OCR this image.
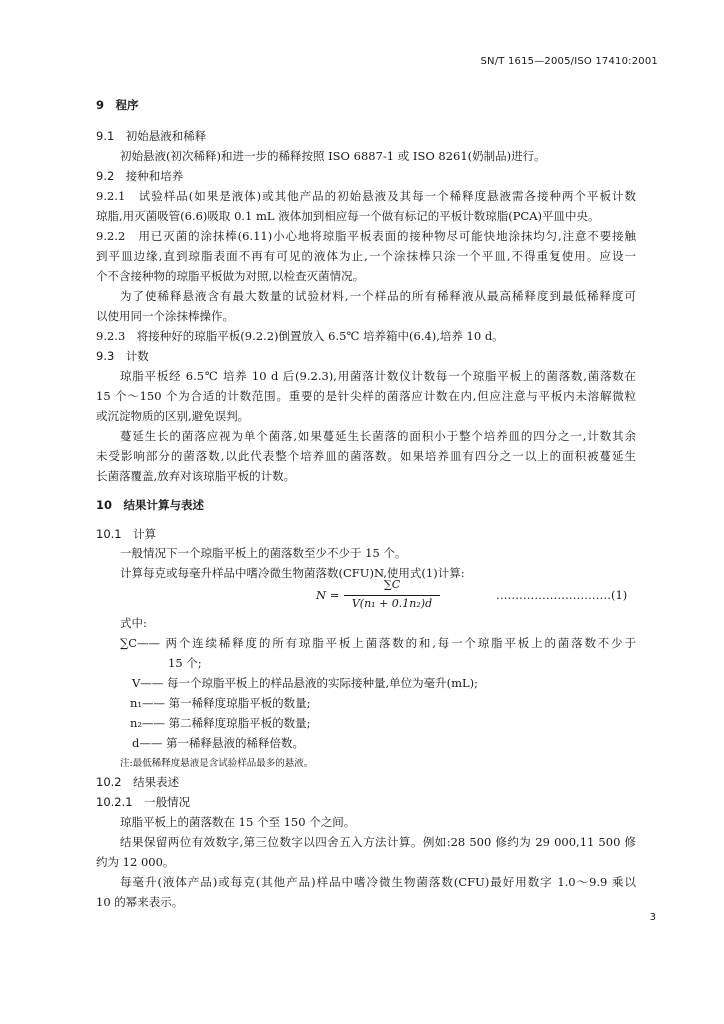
SN/T 1615—2005/ISO 17410:2001
9　程序
9.1　初始悬液和稀释
初始悬液(初次稀释)和进一步的稀释按照 ISO 6887-1 或 ISO 8261(奶制品)进行。
9.2　接种和培养
9.2.1　试验样品(如果是液体)或其他产品的初始悬液及其每一个稀释度悬液需各接种两个平板计数
琼脂,用灭菌吸管(6.6)吸取 0.1 mL 液体加到相应每一个做有标记的平板计数琼脂(PCA)平皿中央。
9.2.2　用已灭菌的涂抹棒(6.11)小心地将琼脂平板表面的接种物尽可能快地涂抹均匀,注意不要接触
到平皿边缘,直到琼脂表面不再有可见的液体为止,一个涂抹棒只涂一个平皿,不得重复使用。应设一
个不含接种物的琼脂平板做为对照,以检查灭菌情况。
为了使稀释悬液含有最大数量的试验材料,一个样品的所有稀释液从最高稀释度到最低稀释度可
以使用同一个涂抹棒操作。
9.2.3　将接种好的琼脂平板(9.2.2)倒置放入 6.5℃ 培养箱中(6.4),培养 10 d。
9.3　计数
琼脂平板经 6.5℃ 培养 10 d 后(9.2.3),用菌落计数仪计数每一个琼脂平板上的菌落数,菌落数在
15 个～150 个为合适的计数范围。重要的是针尖样的菌落应计数在内,但应注意与平板内未溶解微粒
或沉淀物质的区别,避免误判。
蔓延生长的菌落应视为单个菌落,如果蔓延生长菌落的面积小于整个培养皿的四分之一,计数其余
未受影响部分的菌落数,以此代表整个培养皿的菌落数。如果培养皿有四分之一以上的面积被蔓延生
长菌落覆盖,放弃对该琼脂平板的计数。
10　结果计算与表述
10.1　计算
一般情况下一个琼脂平板上的菌落数至少不少于 15 个。
计算每克或每毫升样品中嗜冷微生物菌落数(CFU)N,使用式(1)计算:
N =
∑C
V(n₁ + 0.1n₂)d
…………………………(1)
式中:
∑C—— 两个连续稀释度的所有琼脂平板上菌落数的和,每一个琼脂平板上的菌落数不少于
15 个;
V—— 每一个琼脂平板上的样品悬液的实际接种量,单位为毫升(mL);
n₁—— 第一稀释度琼脂平板的数量;
n₂—— 第二稀释度琼脂平板的数量;
d—— 第一稀释悬液的稀释倍数。
注:最低稀释度悬液是含试验样品最多的悬液。
10.2　结果表述
10.2.1　一般情况
琼脂平板上的菌落数在 15 个至 150 个之间。
结果保留两位有效数字,第三位数字以四舍五入方法计算。例如:28 500 修约为 29 000,11 500 修
约为 12 000。
每毫升(液体产品)或每克(其他产品)样品中嗜冷微生物菌落数(CFU)最好用数字 1.0～9.9 乘以
10 的幂来表示。
3
